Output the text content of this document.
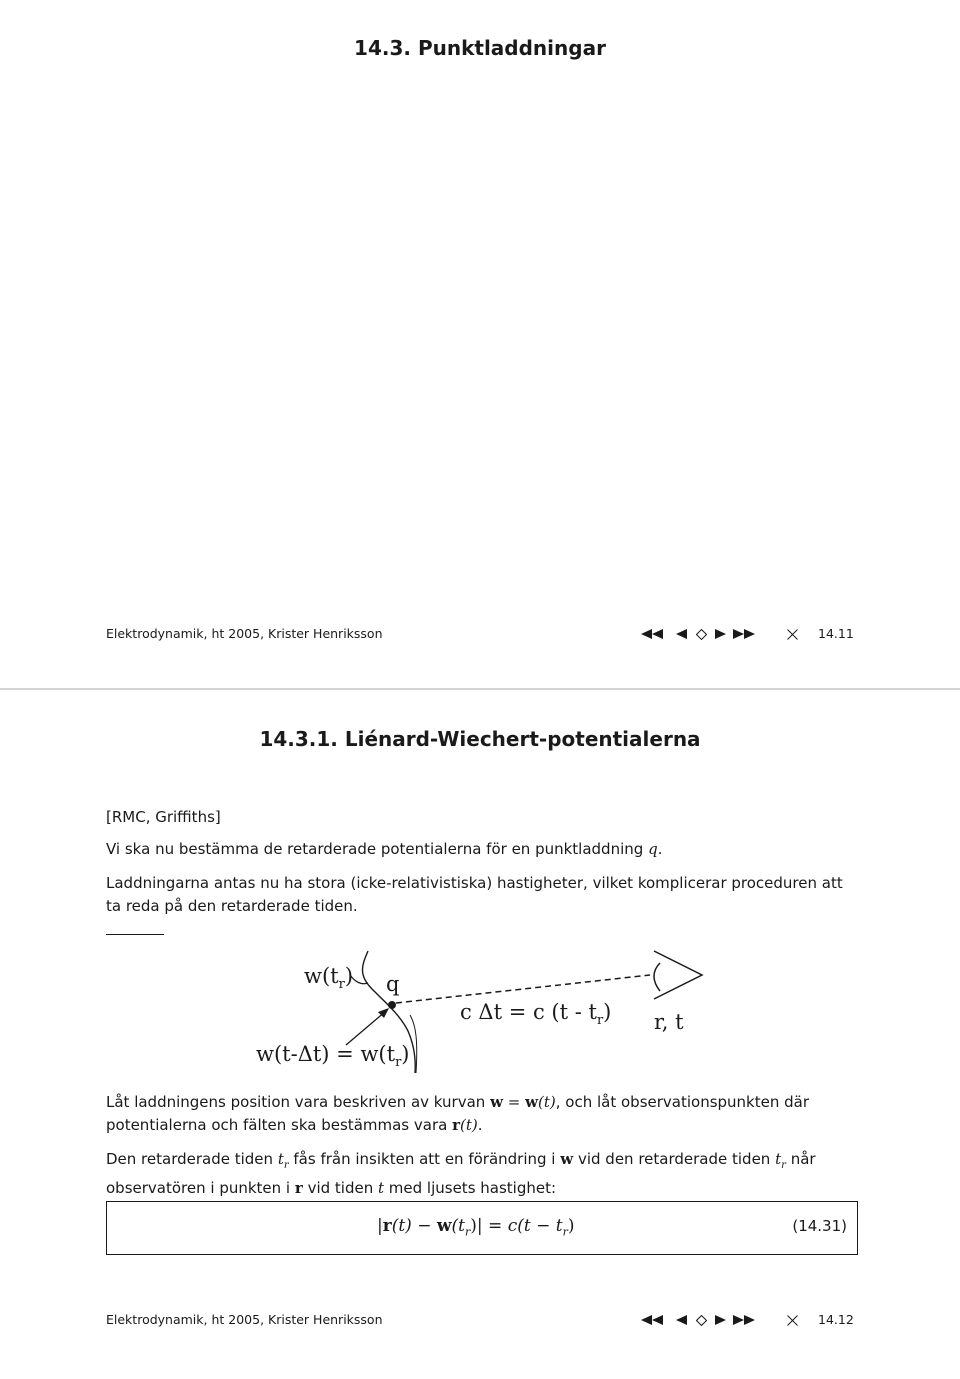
14.3. Punktladdningar
Elektrodynamik, ht 2005, Krister Henriksson	14.11
14.3.1. Liénard-Wiechert-potentialerna

[RMC, Griffiths]

Vi ska nu bestämma de retarderade potentialerna för en punktladdning q.

Laddningarna antas nu ha stora (icke-relativistiska) hastigheter, vilket komplicerar proceduren att
ta reda på den retarderade tiden.

$w(t_r)$ q
c Δt = c $(t - t_r)$ r, t
$w(t-\Delta t) = w(t_r)$

Låt laddningens position vara beskriven av kurvan w = w(t), och låt observationspunkten där
potentialerna och fälten ska bestämmas vara r(t).

Den retarderade tiden $t_r$ fås från insikten att en förändring i w vid den retarderade tiden $t_r$ når
observatören i punkten i r vid tiden t med ljusets hastighet:

$|r(t) - w(t_r)| = c(t - t_r)$	(14.31)
Elektrodynamik, ht 2005, Krister Henriksson	14.12
